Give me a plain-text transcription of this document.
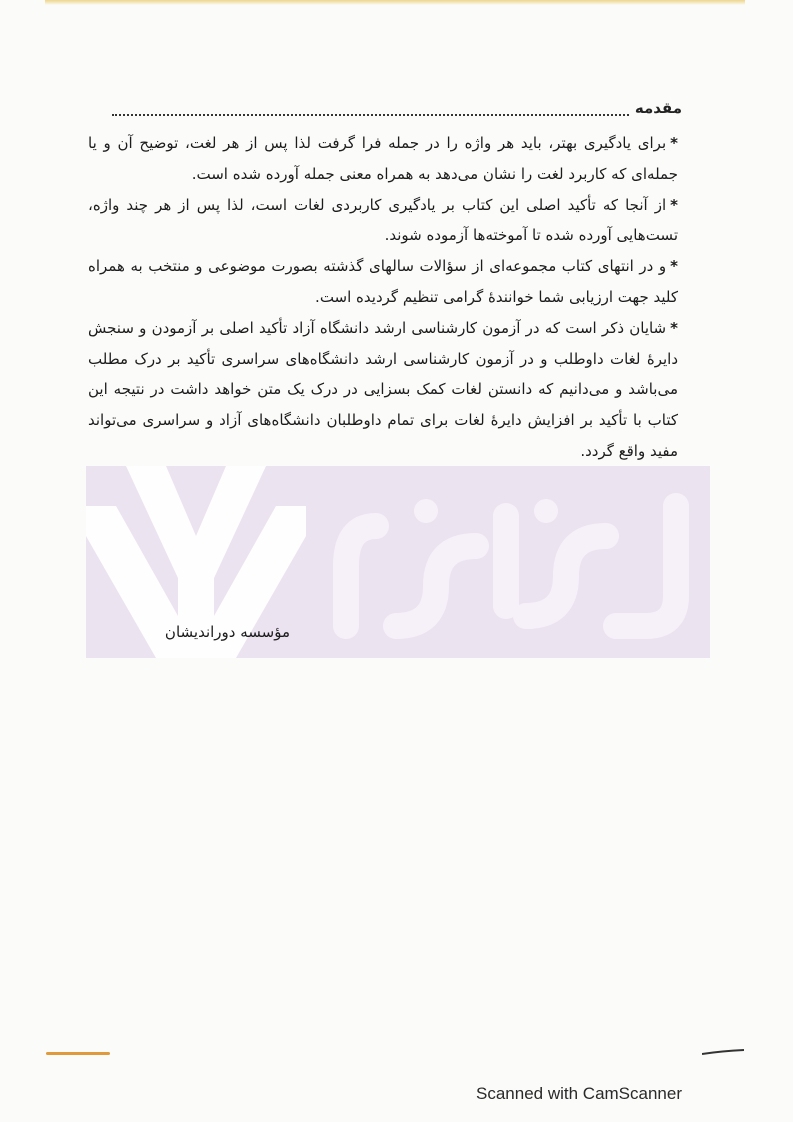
مقدمه

*برای یادگیری بهتر، باید هر واژه را در جمله فرا گرفت لذا پس از هر لغت، توضیح آن و یا جمله‌ای که کاربرد لغت را نشان می‌دهد به همراه معنی جمله آورده شده است.

*از آنجا که تأکید اصلی این کتاب بر یادگیری کاربردی لغات است، لذا پس از هر چند واژه، تست‌هایی آورده شده تا آموخته‌ها آزموده شوند.

*و در انتهای کتاب مجموعه‌ای از سؤالات سالهای گذشته بصورت موضوعی و منتخب به همراه کلید جهت ارزیابی شما خوانندهٔ گرامی تنظیم گردیده است.

*شایان ذکر است که در آزمون کارشناسی ارشد دانشگاه آزاد تأکید اصلی بر آزمودن و سنجش دایرهٔ لغات داوطلب و در آزمون کارشناسی ارشد دانشگاه‌های سراسری تأکید بر درک مطلب می‌باشد و می‌دانیم که دانستن لغات کمک بسزایی در درک یک متن خواهد داشت در نتیجه این کتاب با تأکید بر افزایش دایرهٔ لغات برای تمام داوطلبان دانشگاه‌های آزاد و سراسری می‌تواند مفید واقع گردد.

مؤسسه دوراندیشان
Scanned with CamScanner
